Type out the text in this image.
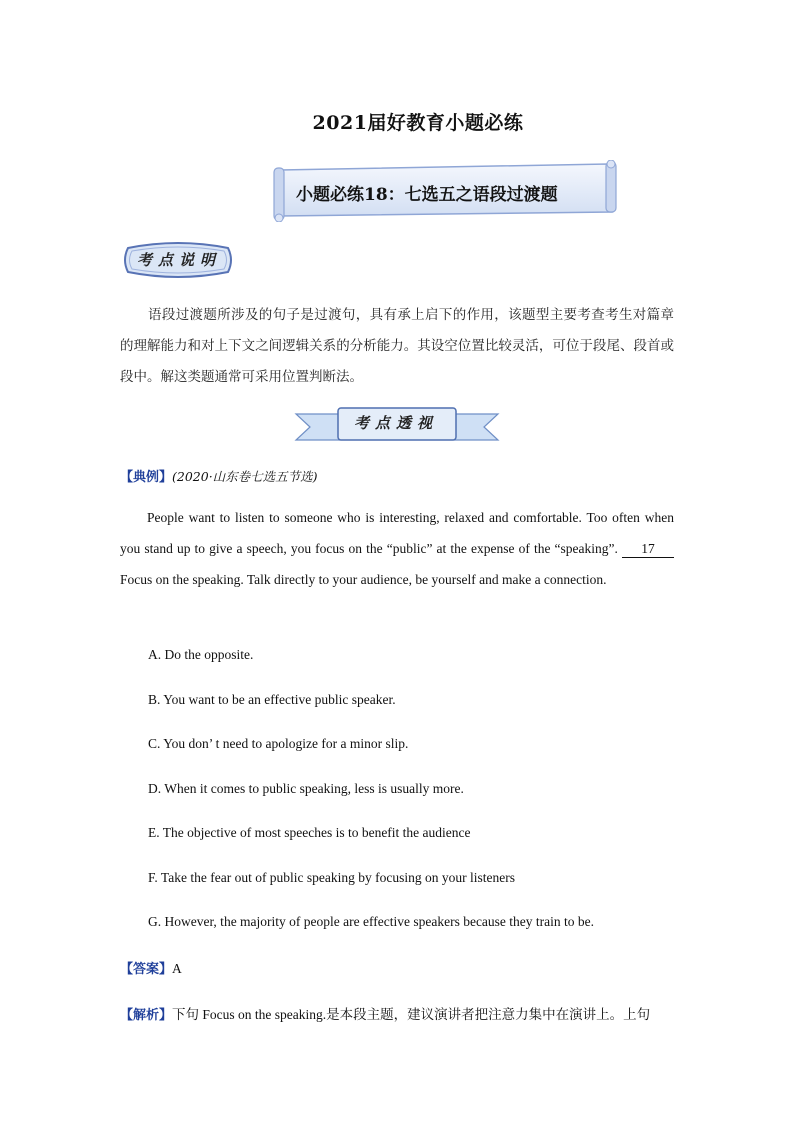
2021届好教育小题必练
小题必练18：七选五之语段过渡题
考点说明
语段过渡题所涉及的句子是过渡句，具有承上启下的作用，该题型主要考查考生对篇章的理解能力和对上下文之间逻辑关系的分析能力。其设空位置比较灵活，可位于段尾、段首或段中。解这类题通常可采用位置判断法。
考点透视
【典例】(2020·山东卷七选五节选)
People want to listen to someone who is interesting, relaxed and comfortable. Too often when you stand up to give a speech, you focus on the “public” at the expense of the “speaking”. 17 Focus on the speaking. Talk directly to your audience, be yourself and make a connection.
A. Do the opposite.
B. You want to be an effective public speaker.
C. You don’ t need to apologize for a minor slip.
D. When it comes to public speaking, less is usually more.
E. The objective of most speeches is to benefit the audience
F. Take the fear out of public speaking by focusing on your listeners
G. However, the majority of people are effective speakers because they train to be.
【答案】A
【解析】下句 Focus on the speaking.是本段主题，建议演讲者把注意力集中在演讲上。上句
